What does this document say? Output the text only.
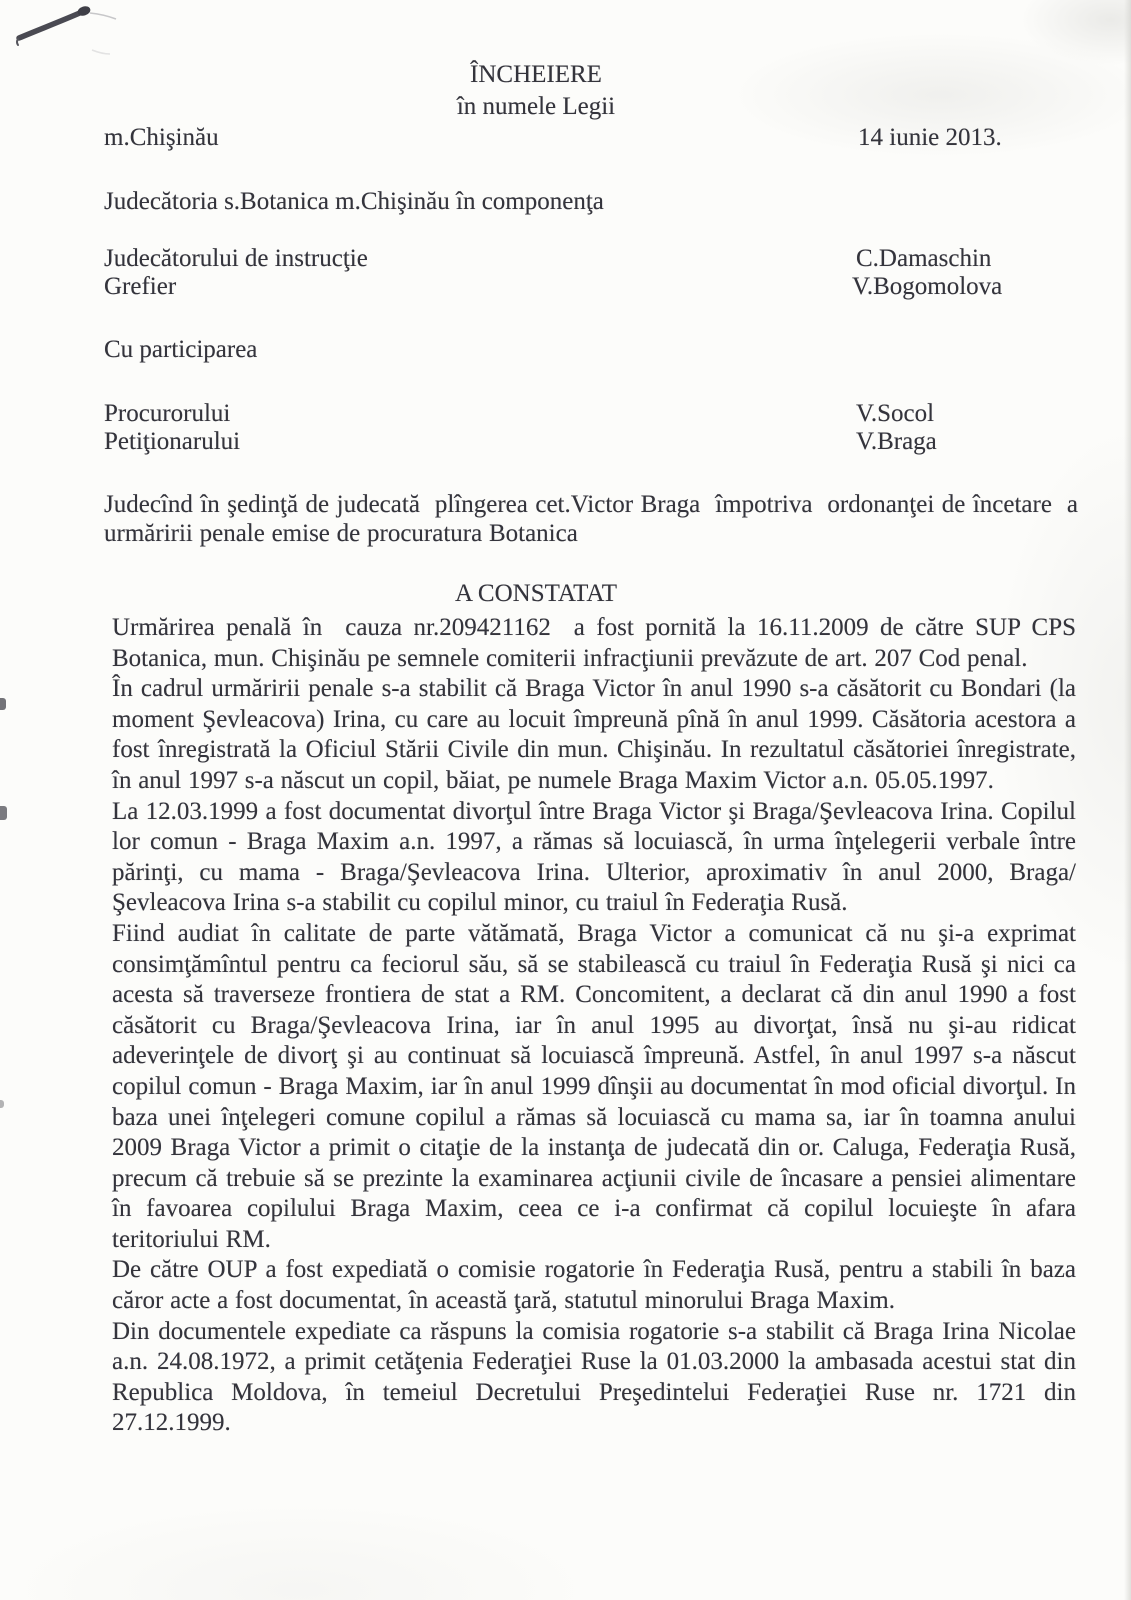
ÎNCHEIERE
în numele Legii
m.Chişinău	14 iunie 2013.
Judecătoria s.Botanica m.Chişinău în componenţa
Judecătorului de instrucţie	C.Damaschin
Grefier	V.Bogomolova
Cu participarea
Procurorului	V.Socol
Petiţionarului	V.Braga
Judecînd în şedinţă de judecată  plîngerea cet.Victor Braga  împotriva  ordonanţei de încetare  a urmăririi penale emise de procuratura Botanica
A CONSTATAT

Urmărirea penală în  cauza nr.209421162  a fost pornită la 16.11.2009 de către SUP CPS Botanica, mun. Chişinău pe semnele comiterii infracţiunii prevăzute de art. 207 Cod penal.

În cadrul urmăririi penale s-a stabilit că Braga Victor în anul 1990 s-a căsătorit cu Bondari (la moment Şevleacova) Irina, cu care au locuit împreună pînă în anul 1999. Căsătoria acestora a fost înregistrată la Oficiul Stării Civile din mun. Chişinău. In rezultatul căsătoriei înregistrate, în anul 1997 s-a născut un copil, băiat, pe numele Braga Maxim Victor a.n. 05.05.1997.

La 12.03.1999 a fost documentat divorţul între Braga Victor şi Braga/Şevleacova Irina. Copilul lor comun - Braga Maxim a.n. 1997, a rămas să locuiască, în urma înţelegerii verbale între părinţi, cu mama - Braga/Şevleacova Irina. Ulterior, aproximativ în anul 2000, Braga/Şevleacova Irina s-a stabilit cu copilul minor, cu traiul în Federaţia Rusă.

Fiind audiat în calitate de parte vătămată, Braga Victor a comunicat că nu şi-a exprimat consimţămîntul pentru ca feciorul său, să se stabilească cu traiul în Federaţia Rusă şi nici ca acesta să traverseze frontiera de stat a RM. Concomitent, a declarat că din anul 1990 a fost căsătorit cu Braga/Şevleacova Irina, iar în anul 1995 au divorţat, însă nu şi-au ridicat adeverinţele de divorţ şi au continuat să locuiască împreună. Astfel, în anul 1997 s-a născut copilul comun - Braga Maxim, iar în anul 1999 dînşii au documentat în mod oficial divorţul. In baza unei înţelegeri comune copilul a rămas să locuiască cu mama sa, iar în toamna anului 2009 Braga Victor a primit o citaţie de la instanţa de judecată din or. Caluga, Federaţia Rusă, precum că trebuie să se prezinte la examinarea acţiunii civile de încasare a pensiei alimentare în favoarea copilului Braga Maxim, ceea ce i-a confirmat că copilul locuieşte în afara teritoriului RM.

De către OUP a fost expediată o comisie rogatorie în Federaţia Rusă, pentru a stabili în baza căror acte a fost documentat, în această ţară, statutul minorului Braga Maxim.

Din documentele expediate ca răspuns la comisia rogatorie s-a stabilit că Braga Irina Nicolae a.n. 24.08.1972, a primit cetăţenia Federaţiei Ruse la 01.03.2000 la ambasada acestui stat din Republica Moldova, în temeiul Decretului Preşedintelui Federaţiei Ruse nr. 1721 din 27.12.1999.
